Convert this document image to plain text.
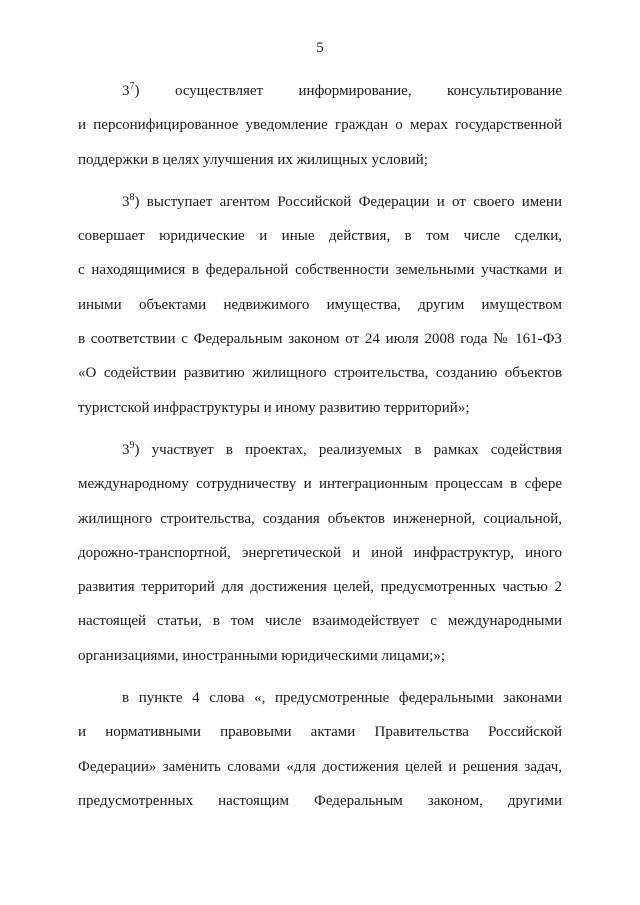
5
$3^7$) осуществляет информирование, консультирование
и персонифицированное уведомление граждан о мерах государственной
поддержки в целях улучшения их жилищных условий;
$3^8$) выступает агентом Российской Федерации и от своего имени
совершает юридические и иные действия, в том числе сделки,
с находящимися в федеральной собственности земельными участками и
иными объектами недвижимого имущества, другим имуществом
в соответствии с Федеральным законом от 24 июля 2008 года № 161-ФЗ
«О содействии развитию жилищного строительства, созданию объектов
туристской инфраструктуры и иному развитию территорий»;
$3^9$) участвует в проектах, реализуемых в рамках содействия
международному сотрудничеству и интеграционным процессам в сфере
жилищного строительства, создания объектов инженерной, социальной,
дорожно-транспортной, энергетической и иной инфраструктур, иного
развития территорий для достижения целей, предусмотренных частью 2
настоящей статьи, в том числе взаимодействует с международными
организациями, иностранными юридическими лицами;»;
в пункте 4 слова «, предусмотренные федеральными законами
и нормативными правовыми актами Правительства Российской
Федерации» заменить словами «для достижения целей и решения задач,
предусмотренных настоящим Федеральным законом, другими
